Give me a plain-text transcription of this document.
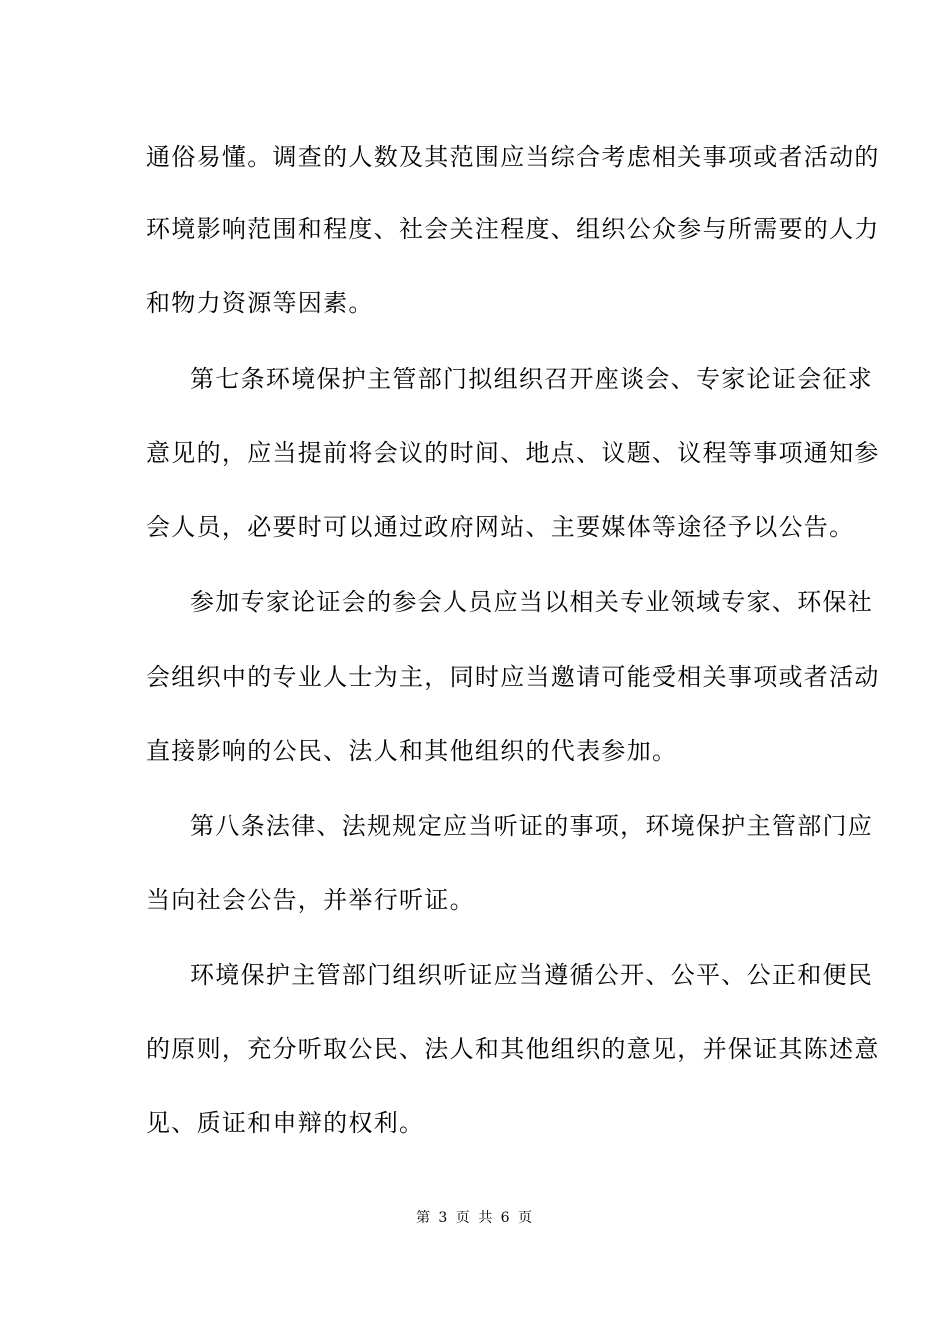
通俗易懂。调查的人数及其范围应当综合考虑相关事项或者活动的
环境影响范围和程度、社会关注程度、组织公众参与所需要的人力
和物力资源等因素。
第七条环境保护主管部门拟组织召开座谈会、专家论证会征求
意见的，应当提前将会议的时间、地点、议题、议程等事项通知参
会人员，必要时可以通过政府网站、主要媒体等途径予以公告。
参加专家论证会的参会人员应当以相关专业领域专家、环保社
会组织中的专业人士为主，同时应当邀请可能受相关事项或者活动
直接影响的公民、法人和其他组织的代表参加。
第八条法律、法规规定应当听证的事项，环境保护主管部门应
当向社会公告，并举行听证。
环境保护主管部门组织听证应当遵循公开、公平、公正和便民
的原则，充分听取公民、法人和其他组织的意见，并保证其陈述意
见、质证和申辩的权利。
第 3 页 共 6 页
